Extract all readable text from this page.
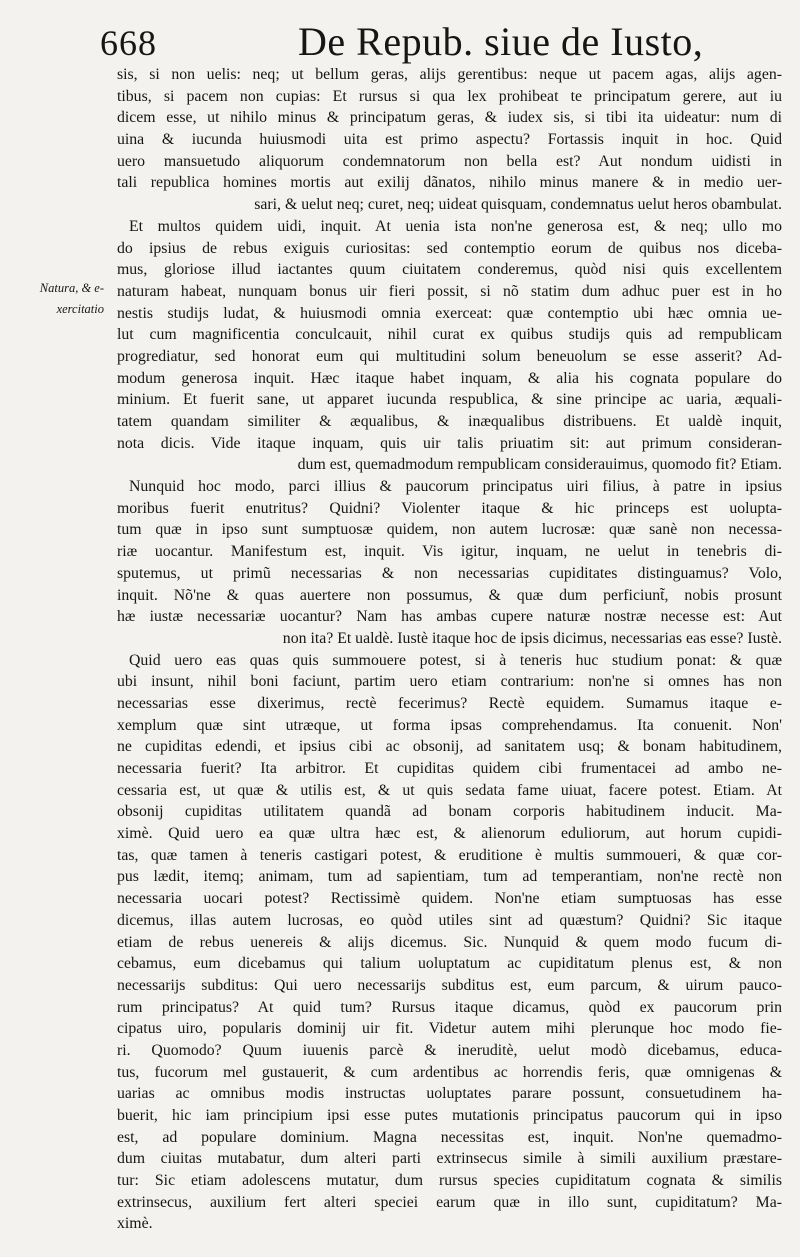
668	De Repub. siue de Iusto,
Natura, & e-
xercitatio
sis, si non uelis: neq; ut bellum geras, alijs gerentibus: neque ut pacem agas, alijs agen-
tibus, si pacem non cupias: Et rursus si qua lex prohibeat te principatum gerere, aut iu
dicem esse, ut nihilo minus & principatum geras, & iudex sis, si tibi ita uideatur: num di
uina & iucunda huiusmodi uita est primo aspectu? Fortassis inquit in hoc. Quid
uero mansuetudo aliquorum condemnatorum non bella est? Aut nondum uidisti in
tali republica homines mortis aut exilij dãnatos, nihilo minus manere & in medio uer-
sari, & uelut neq; curet, neq; uideat quisquam, condemnatus uelut heros obambulat.
Et multos quidem uidi, inquit. At uenia ista non'ne generosa est, & neq; ullo mo
do ipsius de rebus exiguis curiositas: sed contemptio eorum de quibus nos diceba-
mus, gloriose illud iactantes quum ciuitatem conderemus, quòd nisi quis excellentem
naturam habeat, nunquam bonus uir fieri possit, si nõ statim dum adhuc puer est in ho
nestis studijs ludat, & huiusmodi omnia exerceat: quæ contemptio ubi hæc omnia ue-
lut cum magnificentia conculcauit, nihil curat ex quibus studijs quis ad rempublicam
progrediatur, sed honorat eum qui multitudini solum beneuolum se esse asserit? Ad-
modum generosa inquit. Hæc itaque habet inquam, & alia his cognata populare do
minium. Et fuerit sane, ut apparet iucunda respublica, & sine principe ac uaria, æquali-
tatem quandam similiter & æqualibus, & inæqualibus distribuens. Et ualdè inquit,
nota dicis. Vide itaque inquam, quis uir talis priuatim sit: aut primum consideran-
dum est, quemadmodum rempublicam considerauimus, quomodo fit? Etiam.
Nunquid hoc modo, parci illius & paucorum principatus uiri filius, à patre in ipsius
moribus fuerit enutritus? Quidni? Violenter itaque & hic princeps est uolupta-
tum quæ in ipso sunt sumptuosæ quidem, non autem lucrosæ: quæ sanè non necessa-
riæ uocantur. Manifestum est, inquit. Vis igitur, inquam, ne uelut in tenebris di-
sputemus, ut primũ necessarias & non necessarias cupiditates distinguamus? Volo,
inquit. Nõ'ne & quas auertere non possumus, & quæ dum perficiunt̃, nobis prosunt
hæ iustæ necessariæ uocantur? Nam has ambas cupere naturæ nostræ necesse est: Aut
non ita? Et ualdè. Iustè itaque hoc de ipsis dicimus, necessarias eas esse? Iustè.
Quid uero eas quas quis summouere potest, si à teneris huc studium ponat: & quæ
ubi insunt, nihil boni faciunt, partim uero etiam contrarium: non'ne si omnes has non
necessarias esse dixerimus, rectè fecerimus? Rectè equidem. Sumamus itaque e-
xemplum quæ sint utræque, ut forma ipsas comprehendamus. Ita conuenit. Non'
ne cupiditas edendi, et ipsius cibi ac obsonij, ad sanitatem usq; & bonam habitudinem,
necessaria fuerit? Ita arbitror. Et cupiditas quidem cibi frumentacei ad ambo ne-
cessaria est, ut quæ & utilis est, & ut quis sedata fame uiuat, facere potest. Etiam. At
obsonij cupiditas utilitatem quandã ad bonam corporis habitudinem inducit. Ma-
ximè. Quid uero ea quæ ultra hæc est, & alienorum eduliorum, aut horum cupidi-
tas, quæ tamen à teneris castigari potest, & eruditione è multis summoueri, & quæ cor-
pus lædit, itemq; animam, tum ad sapientiam, tum ad temperantiam, non'ne rectè non
necessaria uocari potest? Rectissimè quidem. Non'ne etiam sumptuosas has esse
dicemus, illas autem lucrosas, eo quòd utiles sint ad quæstum? Quidni? Sic itaque
etiam de rebus uenereis & alijs dicemus. Sic. Nunquid & quem modo fucum di-
cebamus, eum dicebamus qui talium uoluptatum ac cupiditatum plenus est, & non
necessarijs subditus: Qui uero necessarijs subditus est, eum parcum, & uirum pauco-
rum principatus? At quid tum? Rursus itaque dicamus, quòd ex paucorum prin
cipatus uiro, popularis dominij uir fit. Videtur autem mihi plerunque hoc modo fie-
ri. Quomodo? Quum iuuenis parcè & ineruditè, uelut modò dicebamus, educa-
tus, fucorum mel gustauerit, & cum ardentibus ac horrendis feris, quæ omnigenas &
uarias ac omnibus modis instructas uoluptates parare possunt, consuetudinem ha-
buerit, hic iam principium ipsi esse putes mutationis principatus paucorum qui in ipso
est, ad populare dominium. Magna necessitas est, inquit. Non'ne quemadmo-
dum ciuitas mutabatur, dum alteri parti extrinsecus simile à simili auxilium præstare-
tur: Sic etiam adolescens mutatur, dum rursus species cupiditatum cognata & similis
extrinsecus, auxilium fert alteri speciei earum quæ in illo sunt, cupiditatum? Ma-
ximè.
